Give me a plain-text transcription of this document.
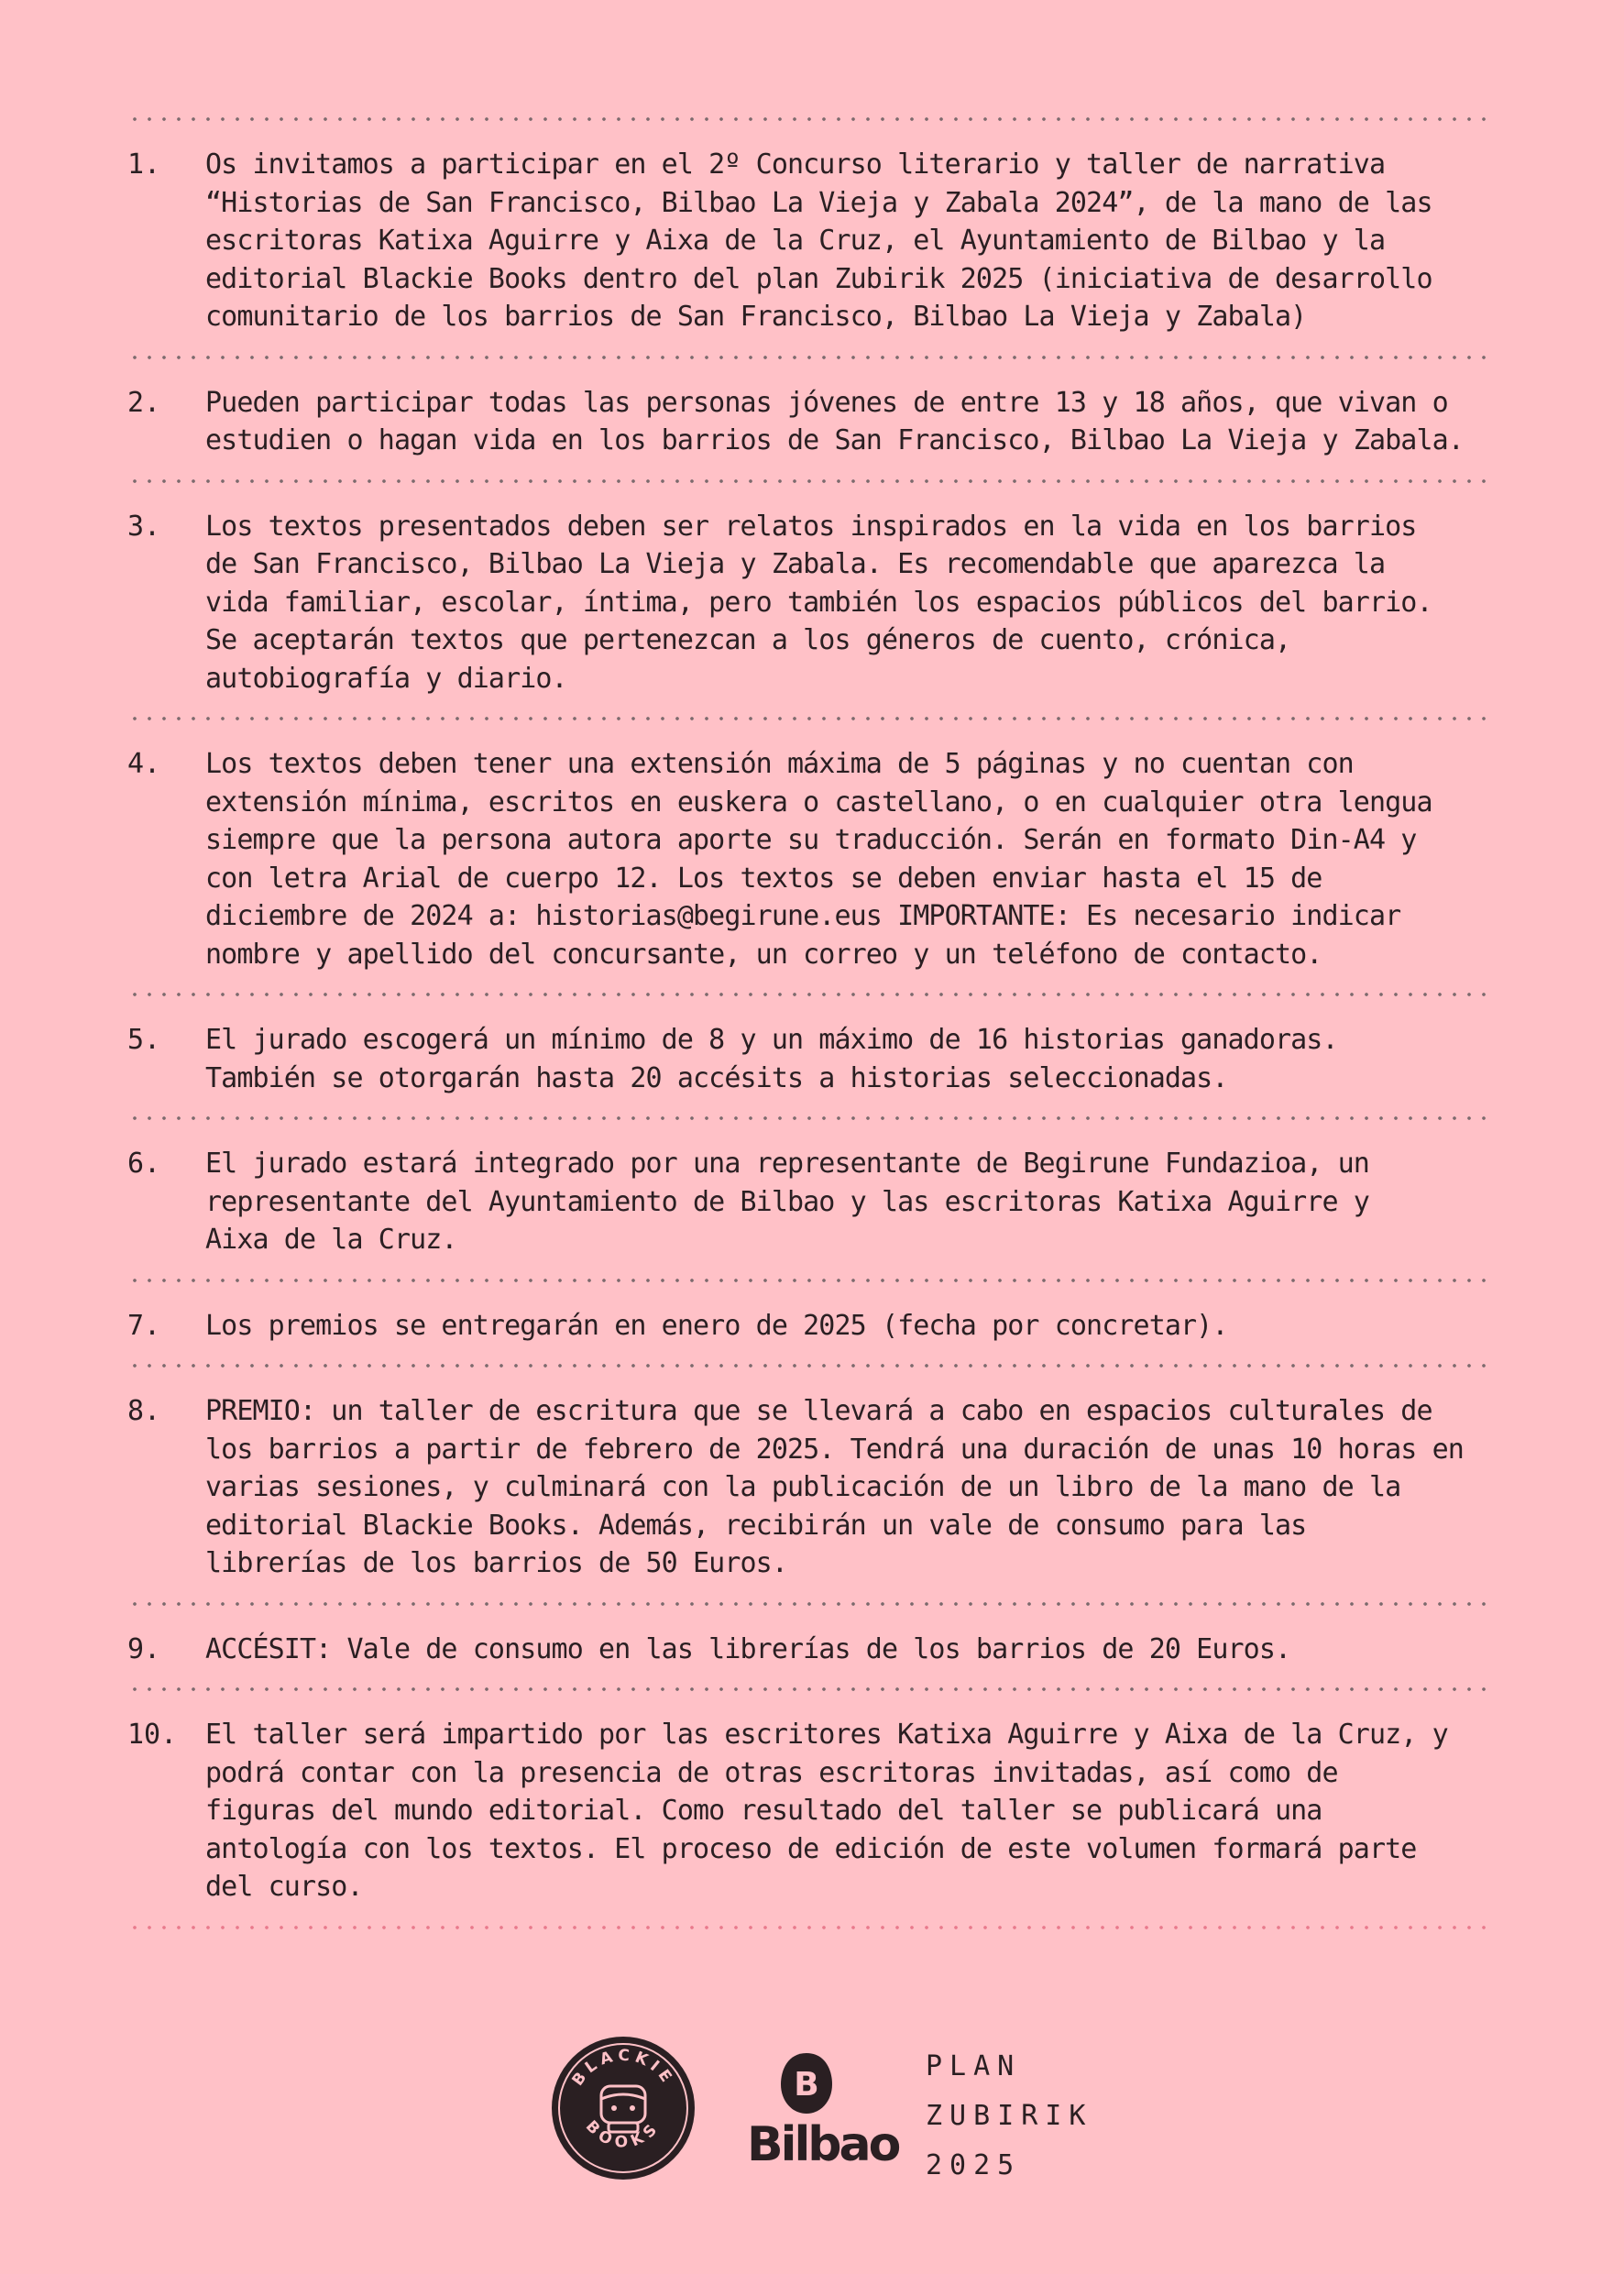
1.	Os invitamos a participar en el 2º Concurso literario y taller de narrativa
“Historias de San Francisco, Bilbao La Vieja y Zabala 2024”, de la mano de las
escritoras Katixa Aguirre y Aixa de la Cruz, el Ayuntamiento de Bilbao y la
editorial Blackie Books dentro del plan Zubirik 2025 (iniciativa de desarrollo
comunitario de los barrios de San Francisco, Bilbao La Vieja y Zabala)
2.	Pueden participar todas las personas jóvenes de entre 13 y 18 años, que vivan o
estudien o hagan vida en los barrios de San Francisco, Bilbao La Vieja y Zabala.
3.	Los textos presentados deben ser relatos inspirados en la vida en los barrios
de San Francisco, Bilbao La Vieja y Zabala. Es recomendable que aparezca la
vida familiar, escolar, íntima, pero también los espacios públicos del barrio.
Se aceptarán textos que pertenezcan a los géneros de cuento, crónica,
autobiografía y diario.
4.	Los textos deben tener una extensión máxima de 5 páginas y no cuentan con
extensión mínima, escritos en euskera o castellano, o en cualquier otra lengua
siempre que la persona autora aporte su traducción. Serán en formato Din-A4 y
con letra Arial de cuerpo 12. Los textos se deben enviar hasta el 15 de
diciembre de 2024 a: historias@begirune.eus IMPORTANTE: Es necesario indicar
nombre y apellido del concursante, un correo y un teléfono de contacto.
5.	El jurado escogerá un mínimo de 8 y un máximo de 16 historias ganadoras.
También se otorgarán hasta 20 accésits a historias seleccionadas.
6.	El jurado estará integrado por una representante de Begirune Fundazioa, un
representante del Ayuntamiento de Bilbao y las escritoras Katixa Aguirre y
Aixa de la Cruz.
7.	Los premios se entregarán en enero de 2025 (fecha por concretar).
8.	PREMIO: un taller de escritura que se llevará a cabo en espacios culturales de
los barrios a partir de febrero de 2025. Tendrá una duración de unas 10 horas en
varias sesiones, y culminará con la publicación de un libro de la mano de la
editorial Blackie Books. Además, recibirán un vale de consumo para las
librerías de los barrios de 50 Euros.
9.	ACCÉSIT: Vale de consumo en las librerías de los barrios de 20 Euros.
10.	El taller será impartido por las escritores Katixa Aguirre y Aixa de la Cruz, y
podrá contar con la presencia de otras escritoras invitadas, así como de
figuras del mundo editorial. Como resultado del taller se publicará una
antología con los textos. El proceso de edición de este volumen formará parte
del curso.
BLACKIE
BOOKS
B
Bilbao
PLAN
ZUBIRIK
2025
